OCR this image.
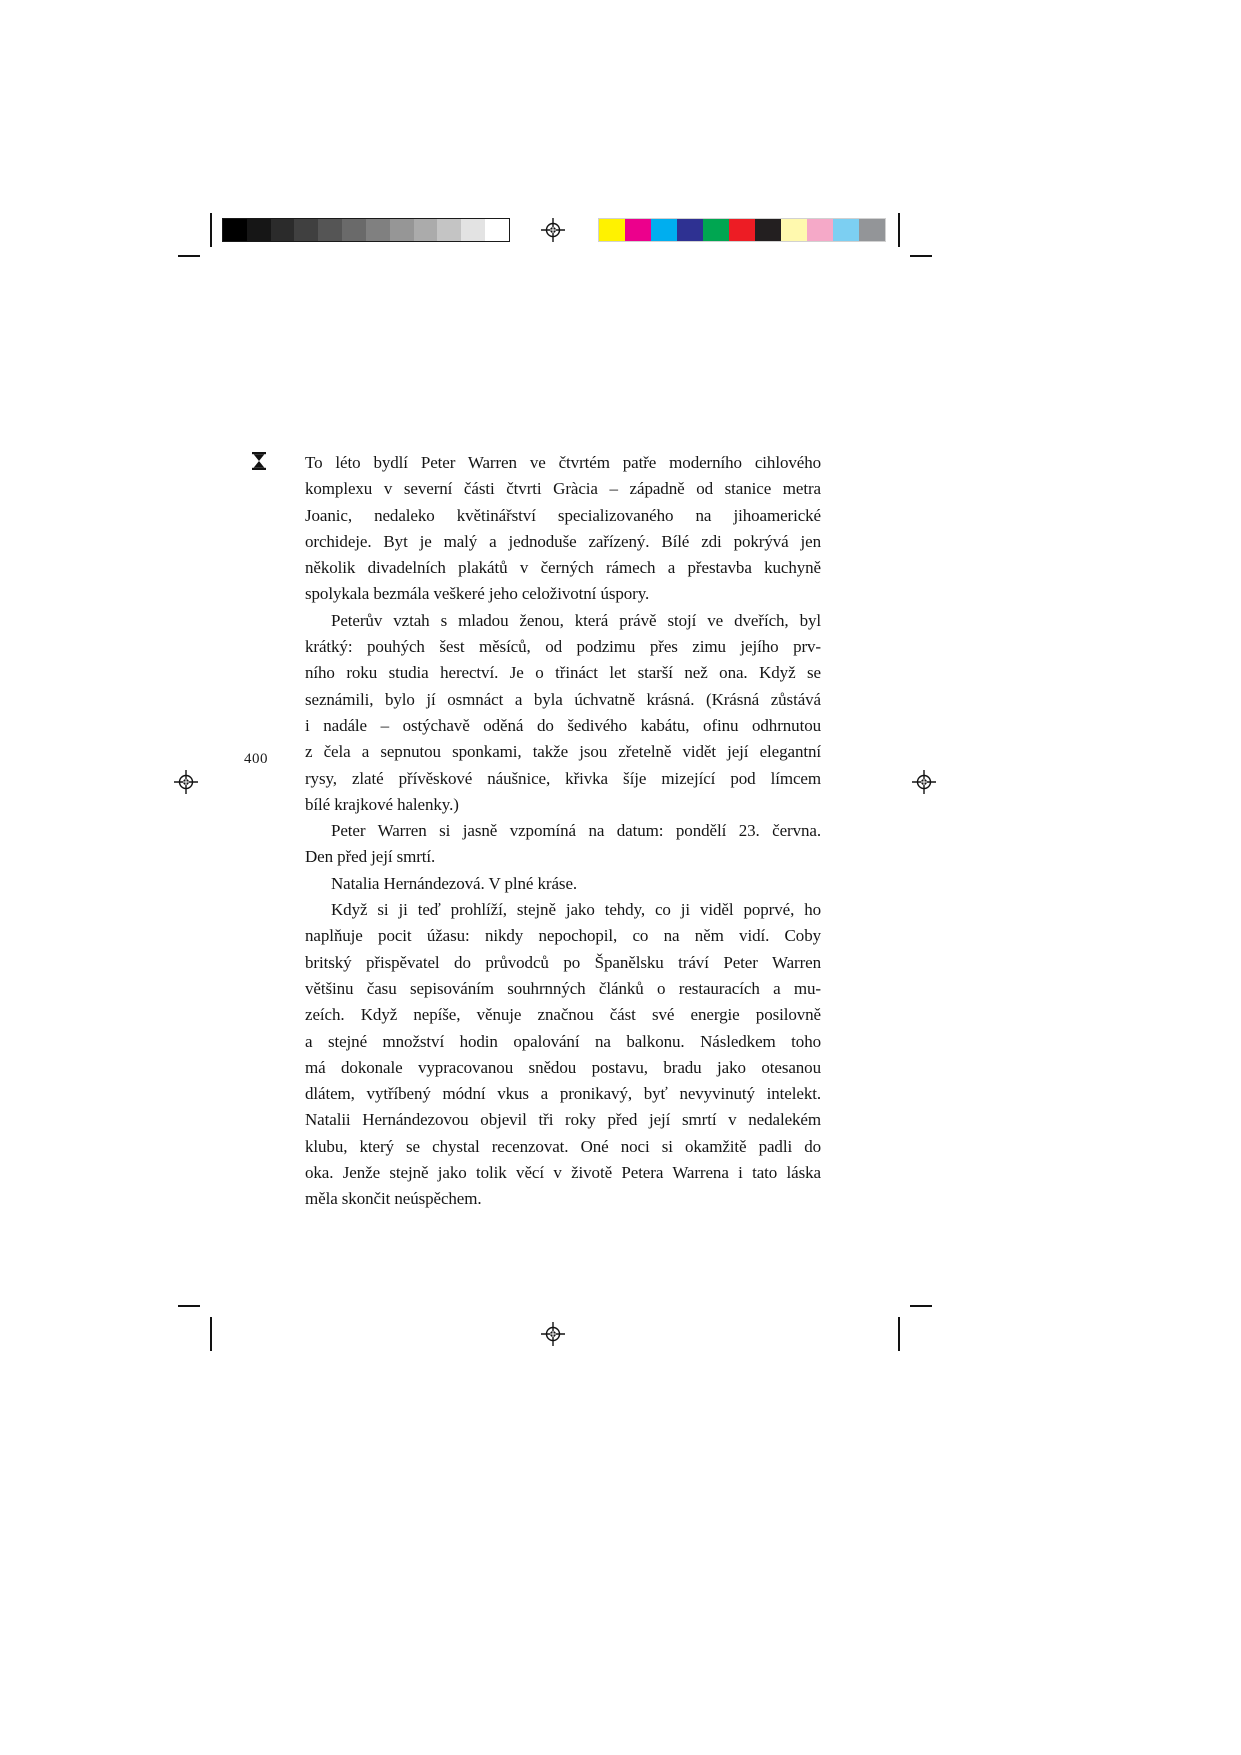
400
To léto bydlí Peter Warren ve čtvrtém patře moderního cihlového
komplexu v severní části čtvrti Gràcia – západně od stanice metra
Joanic, nedaleko květinářství specializovaného na jihoamerické
orchideje. Byt je malý a jednoduše zařízený. Bílé zdi pokrývá jen
několik divadelních plakátů v černých rámech a přestavba kuchyně
spolykala bezmála veškeré jeho celoživotní úspory.
Peterův vztah s mladou ženou, která právě stojí ve dveřích, byl
krátký: pouhých šest měsíců, od podzimu přes zimu jejího prv-
ního roku studia herectví. Je o třináct let starší než ona. Když se
seznámili, bylo jí osmnáct a byla úchvatně krásná. (Krásná zůstává
i nadále – ostýchavě oděná do šedivého kabátu, ofinu odhrnutou
z čela a sepnutou sponkami, takže jsou zřetelně vidět její elegantní
rysy, zlaté přívěskové náušnice, křivka šíje mizející pod límcem
bílé krajkové halenky.)
Peter Warren si jasně vzpomíná na datum: pondělí 23. června.
Den před její smrtí.
Natalia Hernándezová. V plné kráse.
Když si ji teď prohlíží, stejně jako tehdy, co ji viděl poprvé, ho
naplňuje pocit úžasu: nikdy nepochopil, co na něm vidí. Coby
britský přispěvatel do průvodců po Španělsku tráví Peter Warren
většinu času sepisováním souhrnných článků o restauracích a mu-
zeích. Když nepíše, věnuje značnou část své energie posilovně
a stejné množství hodin opalování na balkonu. Následkem toho
má dokonale vypracovanou snědou postavu, bradu jako otesanou
dlátem, vytříbený módní vkus a pronikavý, byť nevyvinutý intelekt.
Natalii Hernándezovou objevil tři roky před její smrtí v nedalekém
klubu, který se chystal recenzovat. Oné noci si okamžitě padli do
oka. Jenže stejně jako tolik věcí v životě Petera Warrena i tato láska
měla skončit neúspěchem.
